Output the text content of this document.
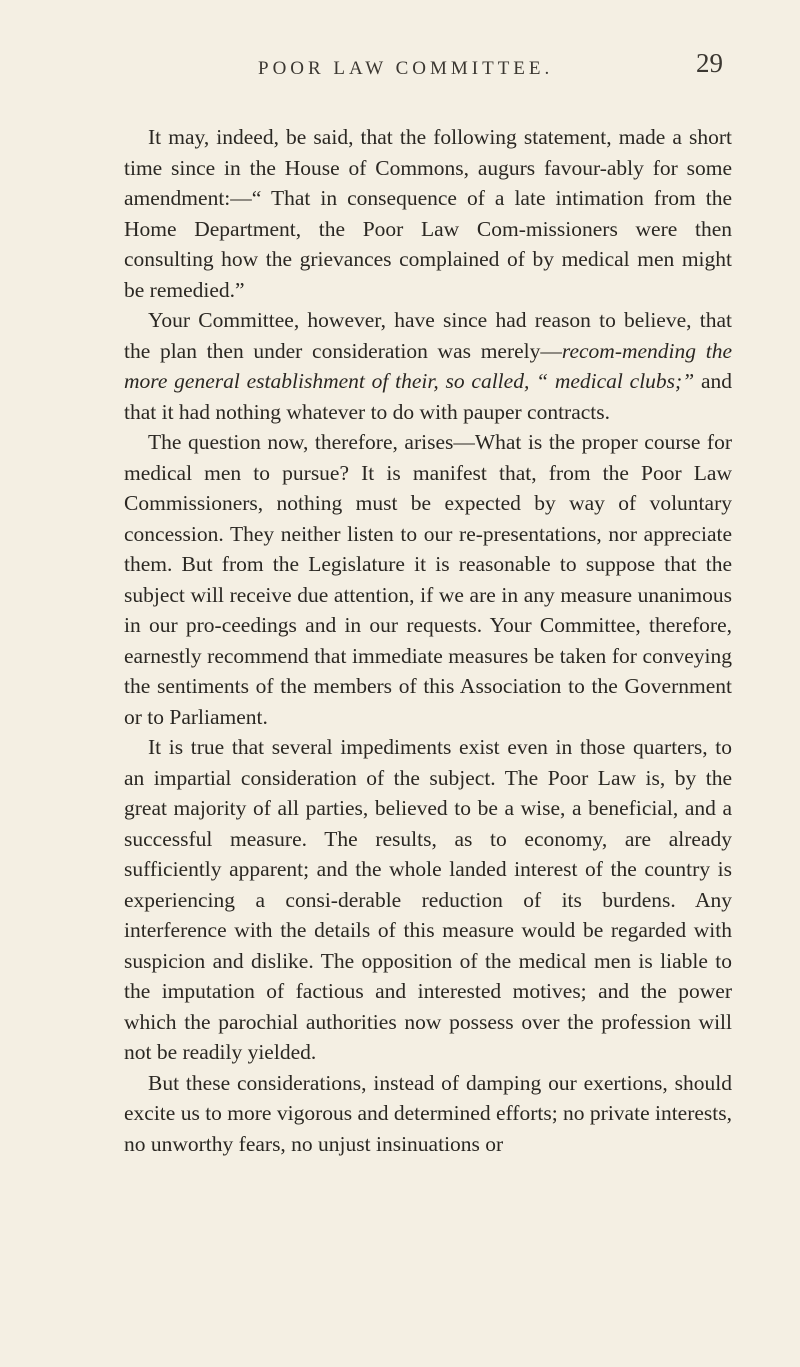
POOR LAW COMMITTEE.	29

It may, indeed, be said, that the following statement, made a short time since in the House of Commons, augurs favour-ably for some amendment:—“ That in consequence of a late intimation from the Home Department, the Poor Law Com-missioners were then consulting how the grievances complained of by medical men might be remedied.”

Your Committee, however, have since had reason to believe, that the plan then under consideration was merely—recom-mending the more general establishment of their, so called, “ medical clubs;” and that it had nothing whatever to do with pauper contracts.

The question now, therefore, arises—What is the proper course for medical men to pursue? It is manifest that, from the Poor Law Commissioners, nothing must be expected by way of voluntary concession. They neither listen to our re-presentations, nor appreciate them. But from the Legislature it is reasonable to suppose that the subject will receive due attention, if we are in any measure unanimous in our pro-ceedings and in our requests. Your Committee, therefore, earnestly recommend that immediate measures be taken for conveying the sentiments of the members of this Association to the Government or to Parliament.

It is true that several impediments exist even in those quarters, to an impartial consideration of the subject. The Poor Law is, by the great majority of all parties, believed to be a wise, a beneficial, and a successful measure. The results, as to economy, are already sufficiently apparent; and the whole landed interest of the country is experiencing a consi-derable reduction of its burdens. Any interference with the details of this measure would be regarded with suspicion and dislike. The opposition of the medical men is liable to the imputation of factious and interested motives; and the power which the parochial authorities now possess over the profession will not be readily yielded.

But these considerations, instead of damping our exertions, should excite us to more vigorous and determined efforts; no private interests, no unworthy fears, no unjust insinuations or
